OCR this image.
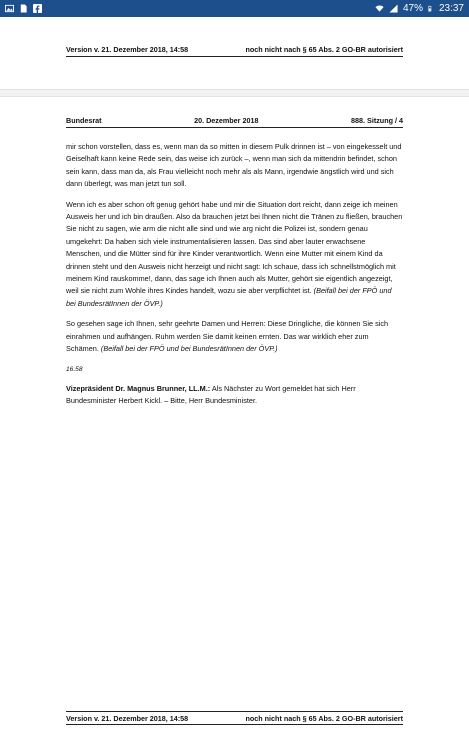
47% 23:37
Version v. 21. Dezember 2018, 14:58	noch nicht nach § 65 Abs. 2 GO-BR autorisiert
Bundesrat	20. Dezember 2018	888. Sitzung / 4

mir schon vorstellen, dass es, wenn man da so mitten in diesem Pulk drinnen ist – von eingekesselt und Geiselhaft kann keine Rede sein, das weise ich zurück –, wenn man sich da mittendrin befindet, schon sein kann, dass man da, als Frau vielleicht noch mehr als als Mann, irgendwie ängstlich wird und sich dann überlegt, was man jetzt tun soll.

Wenn ich es aber schon oft genug gehört habe und mir die Situation dort reicht, dann zeige ich meinen Ausweis her und ich bin draußen. Also da brauchen jetzt bei Ihnen nicht die Tränen zu fließen, brauchen Sie nicht zu sagen, wie arm die nicht alle sind und wie arg nicht die Polizei ist, sondern genau umgekehrt: Da haben sich viele instrumentalisieren lassen. Das sind aber lauter erwachsene Menschen, und die Mütter sind für ihre Kinder verantwortlich. Wenn eine Mutter mit einem Kind da drinnen steht und den Ausweis nicht herzeigt und nicht sagt: Ich schaue, dass ich schnellstmöglich mit meinem Kind rauskomme!, dann, das sage ich Ihnen auch als Mutter, gehört sie eigentlich angezeigt, weil sie nicht zum Wohle ihres Kindes handelt, wozu sie aber verpflichtet ist. (Beifall bei der FPÖ und bei BundesrätInnen der ÖVP.)

So gesehen sage ich Ihnen, sehr geehrte Damen und Herren: Diese Dringliche, die können Sie sich einrahmen und aufhängen. Ruhm werden Sie damit keinen ernten. Das war wirklich eher zum Schämen. (Beifall bei der FPÖ und bei BundesrätInnen der ÖVP.)

16.58

Vizepräsident Dr. Magnus Brunner, LL.M.: Als Nächster zu Wort gemeldet hat sich Herr Bundesminister Herbert Kickl. – Bitte, Herr Bundesminister.

Version v. 21. Dezember 2018, 14:58	noch nicht nach § 65 Abs. 2 GO-BR autorisiert
